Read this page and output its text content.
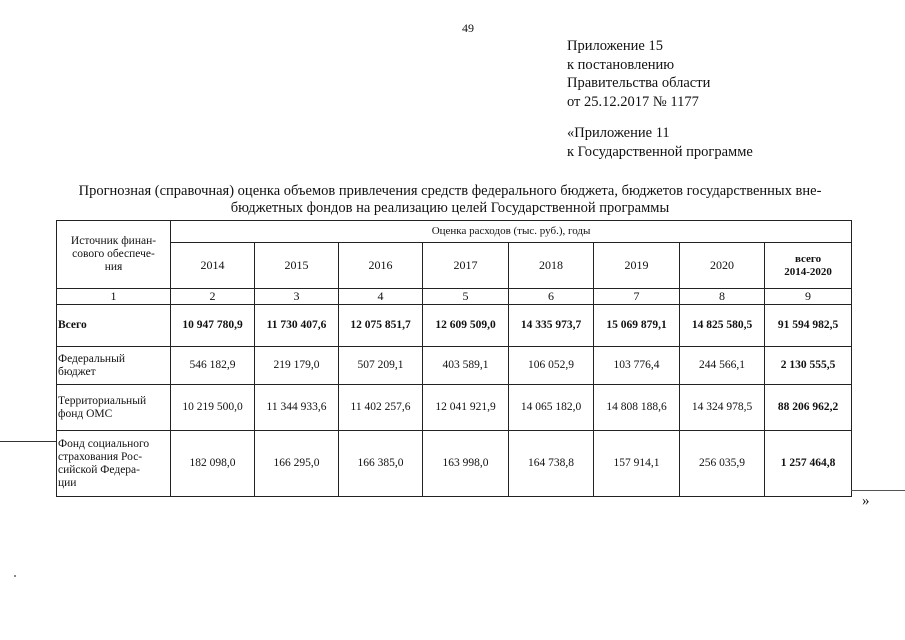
49
Приложение 15
к постановлению
Правительства области
от 25.12.2017 № 1177
«Приложение 11
к Государственной программе
Прогнозная (справочная) оценка объемов привлечения средств федерального бюджета, бюджетов государственных вне-
бюджетных фондов на реализацию целей Государственной программы
Источник финан-
сового обеспече-
ния	Оценка расходов (тыс. руб.), годы							
	2014	2015	2016	2017	2018	2019	2020	всего
2014-2020

1	2	3	4	5	6	7	8	9

Всего	10 947 780,9	11 730 407,6	12 075 851,7	12 609 509,0	14 335 973,7	15 069 879,1	14 825 580,5	91 594 982,5

Федеральный
бюджет	546 182,9	219 179,0	507 209,1	403 589,1	106 052,9	103 776,4	244 566,1	2 130 555,5

Территориальный
фонд ОМС	10 219 500,0	11 344 933,6	11 402 257,6	12 041 921,9	14 065 182,0	14 808 188,6	14 324 978,5	88 206 962,2

Фонд социального
страхования Рос-
сийской Федера-
ции	182 098,0	166 295,0	166 385,0	163 998,0	164 738,8	157 914,1	256 035,9	1 257 464,8
»
